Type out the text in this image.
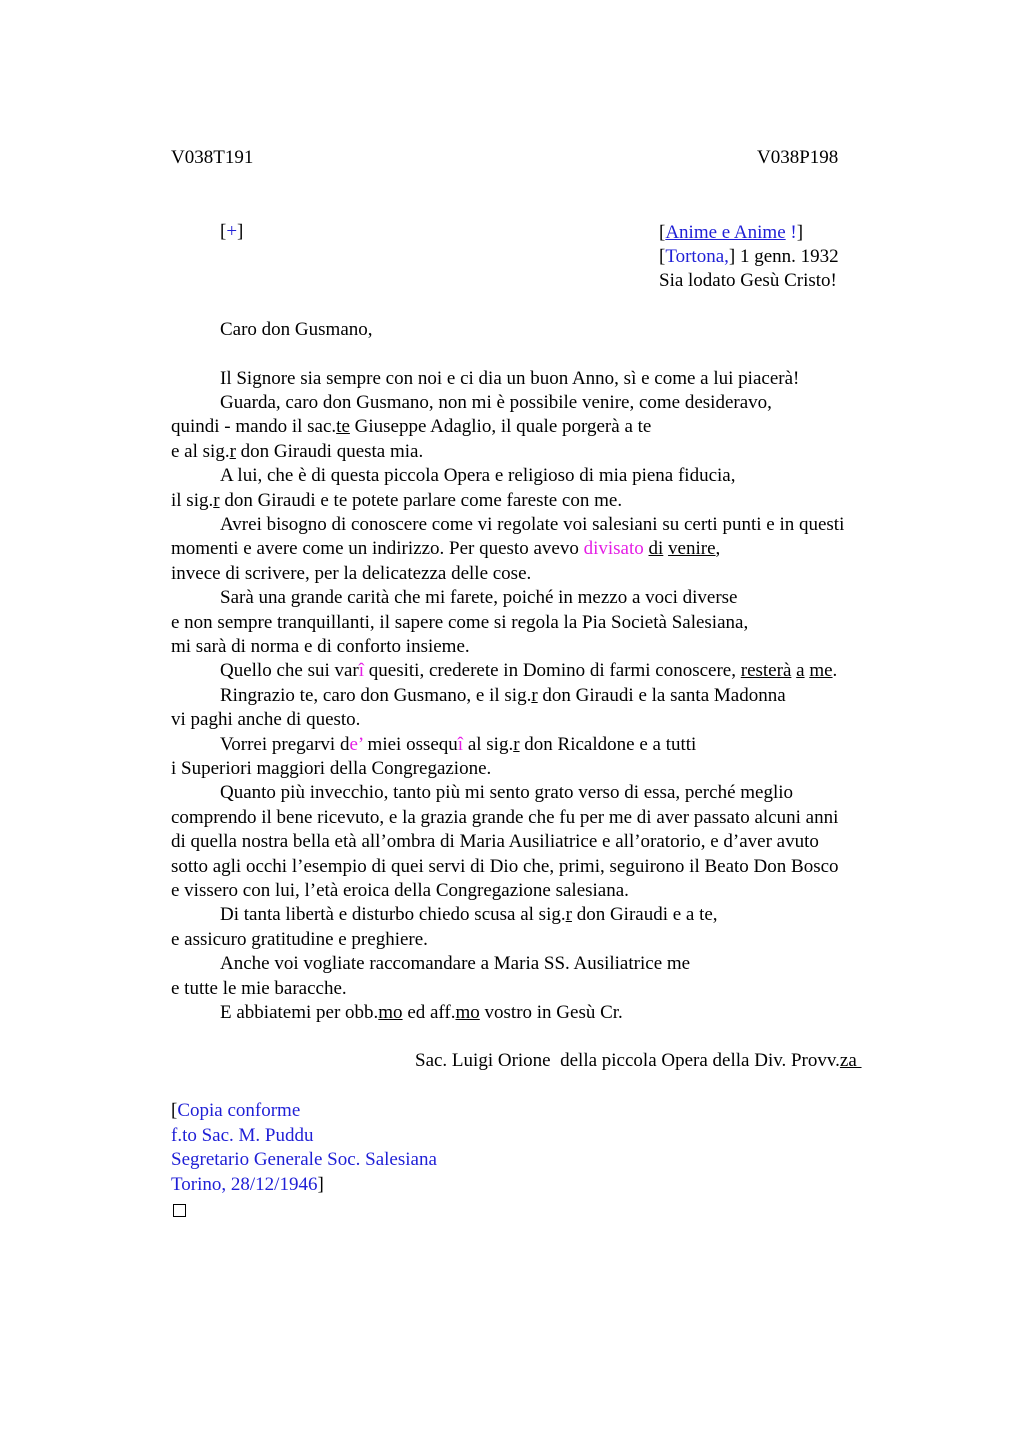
V038T191	V038P198
[+]	[Anime e Anime !]
[Tortona,] 1 genn. 1932
Sia lodato Gesù Cristo!
Caro don Gusmano,
Il Signore sia sempre con noi e ci dia un buon Anno, sì e come a lui piacerà!
Guarda, caro don Gusmano, non mi è possibile venire, come desideravo,
quindi - mando il sac.te Giuseppe Adaglio, il quale porgerà a te
e al sig.r don Giraudi questa mia.
A lui, che è di questa piccola Opera e religioso di mia piena fiducia,
il sig.r don Giraudi e te potete parlare come fareste con me.
Avrei bisogno di conoscere come vi regolate voi salesiani su certi punti e in questi
momenti e avere come un indirizzo. Per questo avevo divisato di venire,
invece di scrivere, per la delicatezza delle cose.
Sarà una grande carità che mi farete, poiché in mezzo a voci diverse
e non sempre tranquillanti, il sapere come si regola la Pia Società Salesiana,
mi sarà di norma e di conforto insieme.
Quello che sui varî quesiti, crederete in Domino di farmi conoscere, resterà a me.
Ringrazio te, caro don Gusmano, e il sig.r don Giraudi e la santa Madonna
vi paghi anche di questo.
Vorrei pregarvi de’ miei ossequî al sig.r don Ricaldone e a tutti
i Superiori maggiori della Congregazione.
Quanto più invecchio, tanto più mi sento grato verso di essa, perché meglio
comprendo il bene ricevuto, e la grazia grande che fu per me di aver passato alcuni anni
di quella nostra bella età all’ombra di Maria Ausiliatrice e all’oratorio, e d’aver avuto
sotto agli occhi l’esempio di quei servi di Dio che, primi, seguirono il Beato Don Bosco
e vissero con lui, l’età eroica della Congregazione salesiana.
Di tanta libertà e disturbo chiedo scusa al sig.r don Giraudi e a te,
e assicuro gratitudine e preghiere.
Anche voi vogliate raccomandare a Maria SS. Ausiliatrice me
e tutte le mie baracche.
E abbiatemi per obb.mo ed aff.mo vostro in Gesù Cr.
Sac. Luigi Orione  della piccola Opera della Div. Provv.za
[Copia conforme
f.to Sac. M. Puddu
Segretario Generale Soc. Salesiana
Torino, 28/12/1946]
